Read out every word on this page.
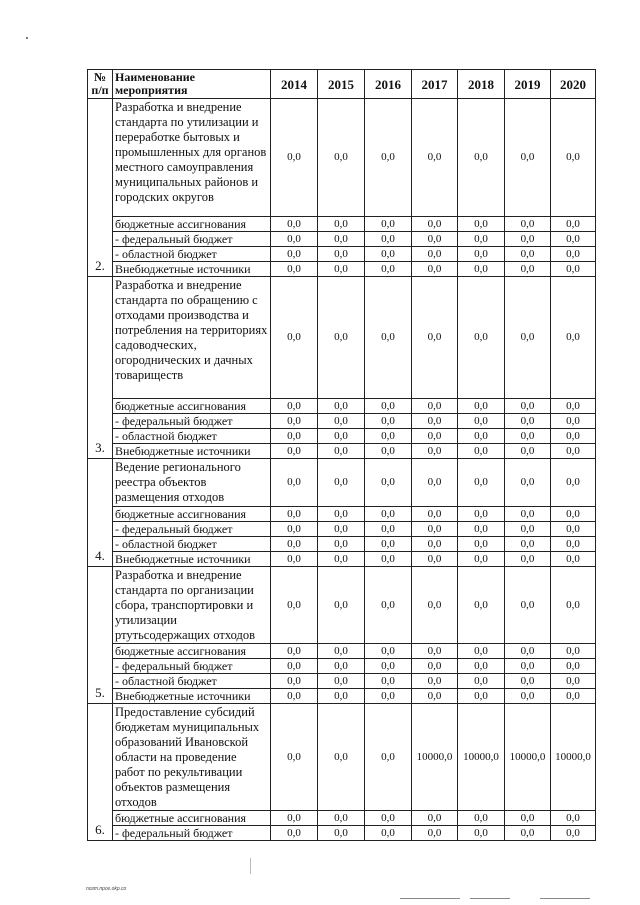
№ п/п	Наименование мероприятия	2014	2015	2016	2017	2018	2019	2020
2.	Разработка и внедрение стандарта по утилизации и переработке бытовых и промышленных для органов местного самоуправления муниципальных районов и городских округов	0,0	0,0	0,0	0,0	0,0	0,0	0,0
	бюджетные ассигнования	0,0	0,0	0,0	0,0	0,0	0,0	0,0
	- федеральный бюджет	0,0	0,0	0,0	0,0	0,0	0,0	0,0
	- областной бюджет	0,0	0,0	0,0	0,0	0,0	0,0	0,0
	Внебюджетные источники	0,0	0,0	0,0	0,0	0,0	0,0	0,0
3.	Разработка и внедрение стандарта по обращению с отходами производства и потребления на территориях садоводческих, огороднических и дачных товариществ	0,0	0,0	0,0	0,0	0,0	0,0	0,0
	бюджетные ассигнования	0,0	0,0	0,0	0,0	0,0	0,0	0,0
	- федеральный бюджет	0,0	0,0	0,0	0,0	0,0	0,0	0,0
	- областной бюджет	0,0	0,0	0,0	0,0	0,0	0,0	0,0
	Внебюджетные источники	0,0	0,0	0,0	0,0	0,0	0,0	0,0
4.	Ведение регионального реестра объектов размещения отходов	0,0	0,0	0,0	0,0	0,0	0,0	0,0
	бюджетные ассигнования	0,0	0,0	0,0	0,0	0,0	0,0	0,0
	- федеральный бюджет	0,0	0,0	0,0	0,0	0,0	0,0	0,0
	- областной бюджет	0,0	0,0	0,0	0,0	0,0	0,0	0,0
	Внебюджетные источники	0,0	0,0	0,0	0,0	0,0	0,0	0,0
5.	Разработка и внедрение стандарта по организации сбора, транспортировки и утилизации ртутьсодержащих отходов	0,0	0,0	0,0	0,0	0,0	0,0	0,0
	бюджетные ассигнования	0,0	0,0	0,0	0,0	0,0	0,0	0,0
	- федеральный бюджет	0,0	0,0	0,0	0,0	0,0	0,0	0,0
	- областной бюджет	0,0	0,0	0,0	0,0	0,0	0,0	0,0
	Внебюджетные источники	0,0	0,0	0,0	0,0	0,0	0,0	0,0
6.	Предоставление субсидий бюджетам муниципальных образований Ивановской области на проведение работ по рекультивации объектов размещения отходов	0,0	0,0	0,0	10000,0	10000,0	10000,0	10000,0
	бюджетные ассигнования	0,0	0,0	0,0	0,0	0,0	0,0	0,0
	- федеральный бюджет	0,0	0,0	0,0	0,0	0,0	0,0	0,0
noзт.npoг.okp.co
